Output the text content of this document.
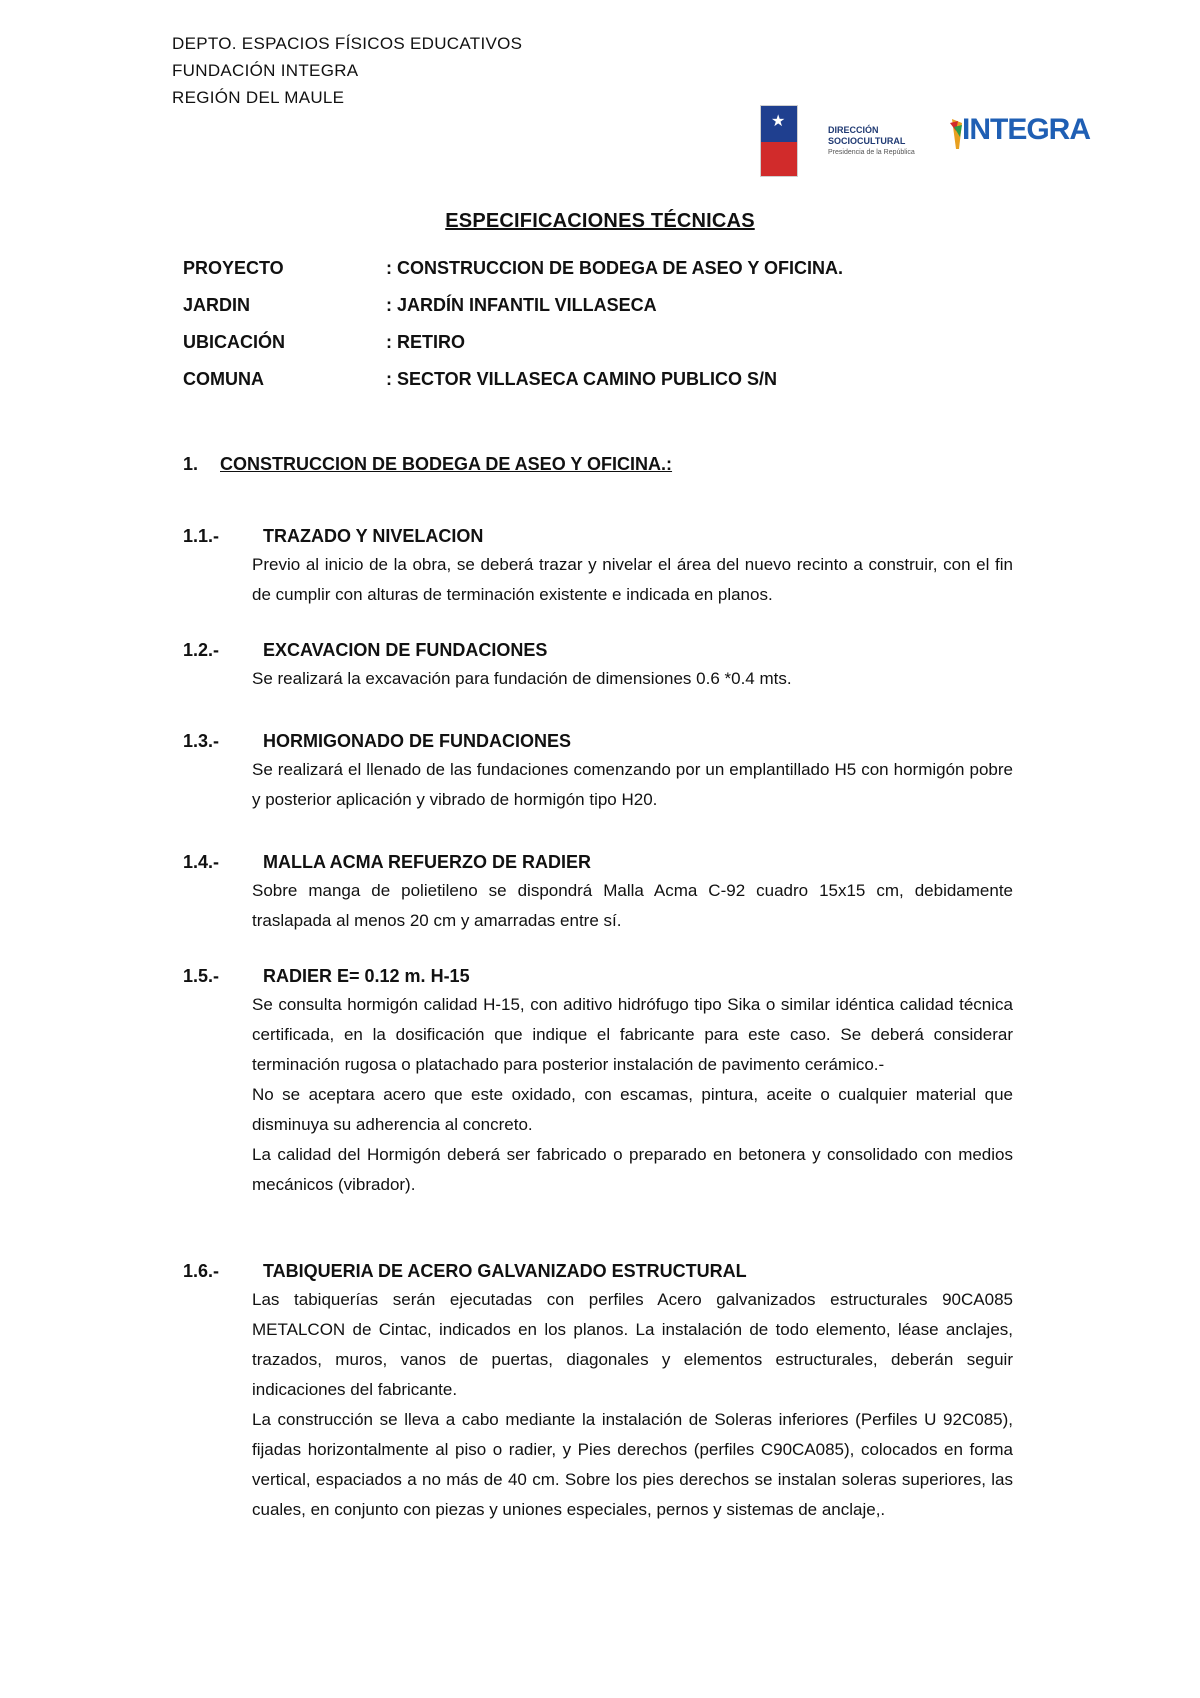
DEPTO. ESPACIOS FÍSICOS EDUCATIVOS
FUNDACIÓN INTEGRA
REGIÓN DEL MAULE
★	DIRECCIÓN SOCIOCULTURAL
Presidencia de la República
INTEGRA
ESPECIFICACIONES TÉCNICAS
PROYECTO	: CONSTRUCCION DE BODEGA DE ASEO Y OFICINA.
JARDIN	: JARDÍN INFANTIL VILLASECA
UBICACIÓN	: RETIRO
COMUNA	: SECTOR VILLASECA CAMINO PUBLICO S/N
1. CONSTRUCCION DE BODEGA DE ASEO Y OFICINA.:
1.1.- TRAZADO Y NIVELACION
Previo al inicio de la obra, se deberá trazar y nivelar el área del nuevo recinto a construir, con el fin de cumplir con alturas de terminación existente e indicada en planos.
1.2.- EXCAVACION DE FUNDACIONES
Se realizará la excavación para fundación de dimensiones 0.6 *0.4 mts.
1.3.- HORMIGONADO DE FUNDACIONES
Se realizará el llenado de las fundaciones comenzando por un emplantillado H5 con hormigón pobre y posterior aplicación y vibrado de hormigón tipo H20.
1.4.- MALLA ACMA REFUERZO DE RADIER
Sobre manga de polietileno se dispondrá Malla Acma C-92 cuadro 15x15 cm, debidamente traslapada al menos 20 cm y amarradas entre sí.
1.5.- RADIER E= 0.12 m. H-15
Se consulta hormigón calidad H-15, con aditivo hidrófugo tipo Sika o similar idéntica calidad técnica certificada, en la dosificación que indique el fabricante para este caso. Se deberá considerar terminación rugosa o platachado para posterior instalación de pavimento cerámico.-
No se aceptara acero que este oxidado, con escamas, pintura, aceite o cualquier material que disminuya su adherencia al concreto.
La calidad del Hormigón deberá ser fabricado o preparado en betonera y consolidado con medios mecánicos (vibrador).
1.6.- TABIQUERIA DE ACERO GALVANIZADO ESTRUCTURAL
Las tabiquerías serán ejecutadas con perfiles Acero galvanizados estructurales 90CA085 METALCON de Cintac, indicados en los planos. La instalación de todo elemento, léase anclajes, trazados, muros, vanos de puertas, diagonales y elementos estructurales, deberán seguir indicaciones del fabricante.
La construcción se lleva a cabo mediante la instalación de Soleras inferiores (Perfiles U 92C085), fijadas horizontalmente al piso o radier, y Pies derechos (perfiles C90CA085), colocados en forma vertical, espaciados a no más de 40 cm. Sobre los pies derechos se instalan soleras superiores, las cuales, en conjunto con piezas y uniones especiales, pernos y sistemas de anclaje,.
